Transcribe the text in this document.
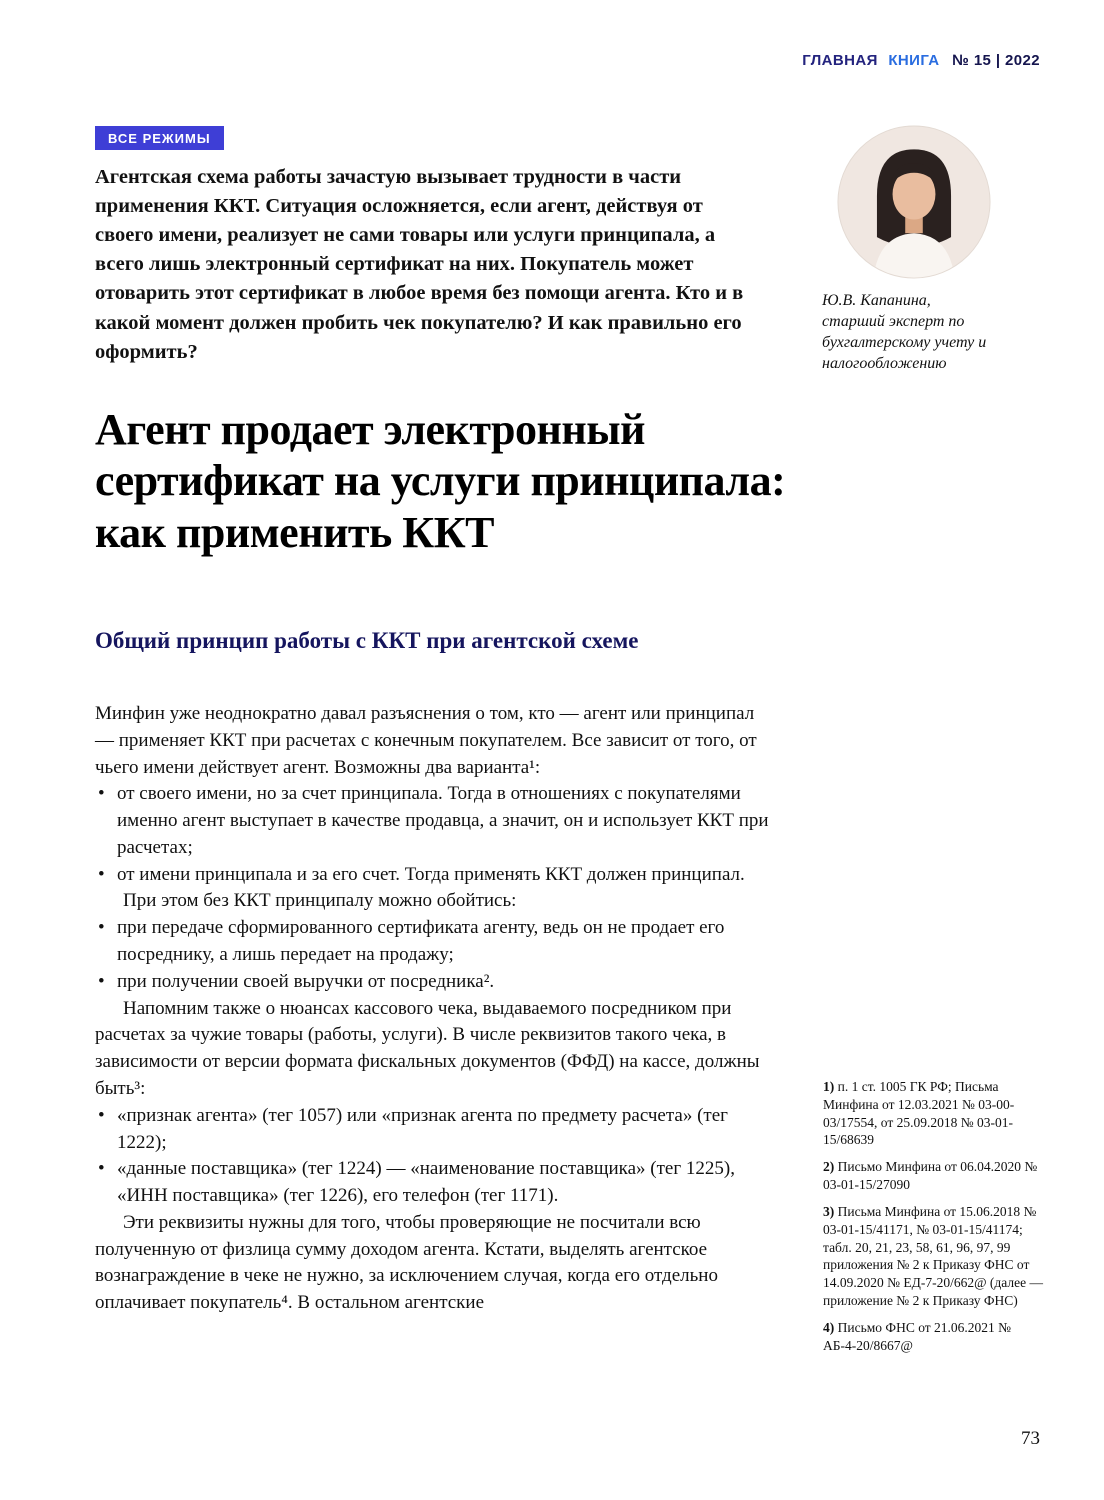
ГЛАВНАЯ КНИГА № 15 | 2022
ВСЕ РЕЖИМЫ
Агентская схема работы зачастую вызывает трудности в части применения ККТ. Ситуация осложняется, если агент, действуя от своего имени, реализует не сами товары или услуги принципала, а всего лишь электронный сертификат на них. Покупатель может отоварить этот сертификат в любое время без помощи агента. Кто и в какой момент должен пробить чек покупателю? И как правильно его оформить?
Ю.В. Капанина,
старший эксперт по бухгалтерскому учету и налогообложению
Агент продает электронный
сертификат на услуги принципала:
как применить ККТ
Общий принцип работы с ККТ при агентской схеме

Минфин уже неоднократно давал разъяснения о том, кто — агент или принципал — применяет ККТ при расчетах с конечным покупателем. Все зависит от того, от чьего имени действует агент. Возможны два варианта¹:

• от своего имени, но за счет принципала. Тогда в отношениях с покупателями именно агент выступает в качестве продавца, а значит, он и использует ККТ при расчетах;
• от имени принципала и за его счет. Тогда применять ККТ должен принципал.

При этом без ККТ принципалу можно обойтись:

• при передаче сформированного сертификата агенту, ведь он не продает его посреднику, а лишь передает на продажу;
• при получении своей выручки от посредника².

Напомним также о нюансах кассового чека, выдаваемого посредником при расчетах за чужие товары (работы, услуги). В числе реквизитов такого чека, в зависимости от версии формата фискальных документов (ФФД) на кассе, должны быть³:

• «признак агента» (тег 1057) или «признак агента по предмету расчета» (тег 1222);
• «данные поставщика» (тег 1224) — «наименование поставщика» (тег 1225), «ИНН поставщика» (тег 1226), его телефон (тег 1171).

Эти реквизиты нужны для того, чтобы проверяющие не посчитали всю полученную от физлица сумму доходом агента. Кстати, выделять агентское вознаграждение в чеке не нужно, за исключением случая, когда его отдельно оплачивает покупатель⁴. В остальном агентские

1) п. 1 ст. 1005 ГК РФ; Письма Минфина от 12.03.2021 № 03-00-03/17554, от 25.09.2018 № 03-01-15/68639

2) Письмо Минфина от 06.04.2020 № 03-01-15/27090

3) Письма Минфина от 15.06.2018 № 03-01-15/41171, № 03-01-15/41174; табл. 20, 21, 23, 58, 61, 96, 97, 99 приложения № 2 к Приказу ФНС от 14.09.2020 № ЕД-7-20/662@ (далее — приложение № 2 к Приказу ФНС)

4) Письмо ФНС от 21.06.2021 № АБ-4-20/8667@

73
